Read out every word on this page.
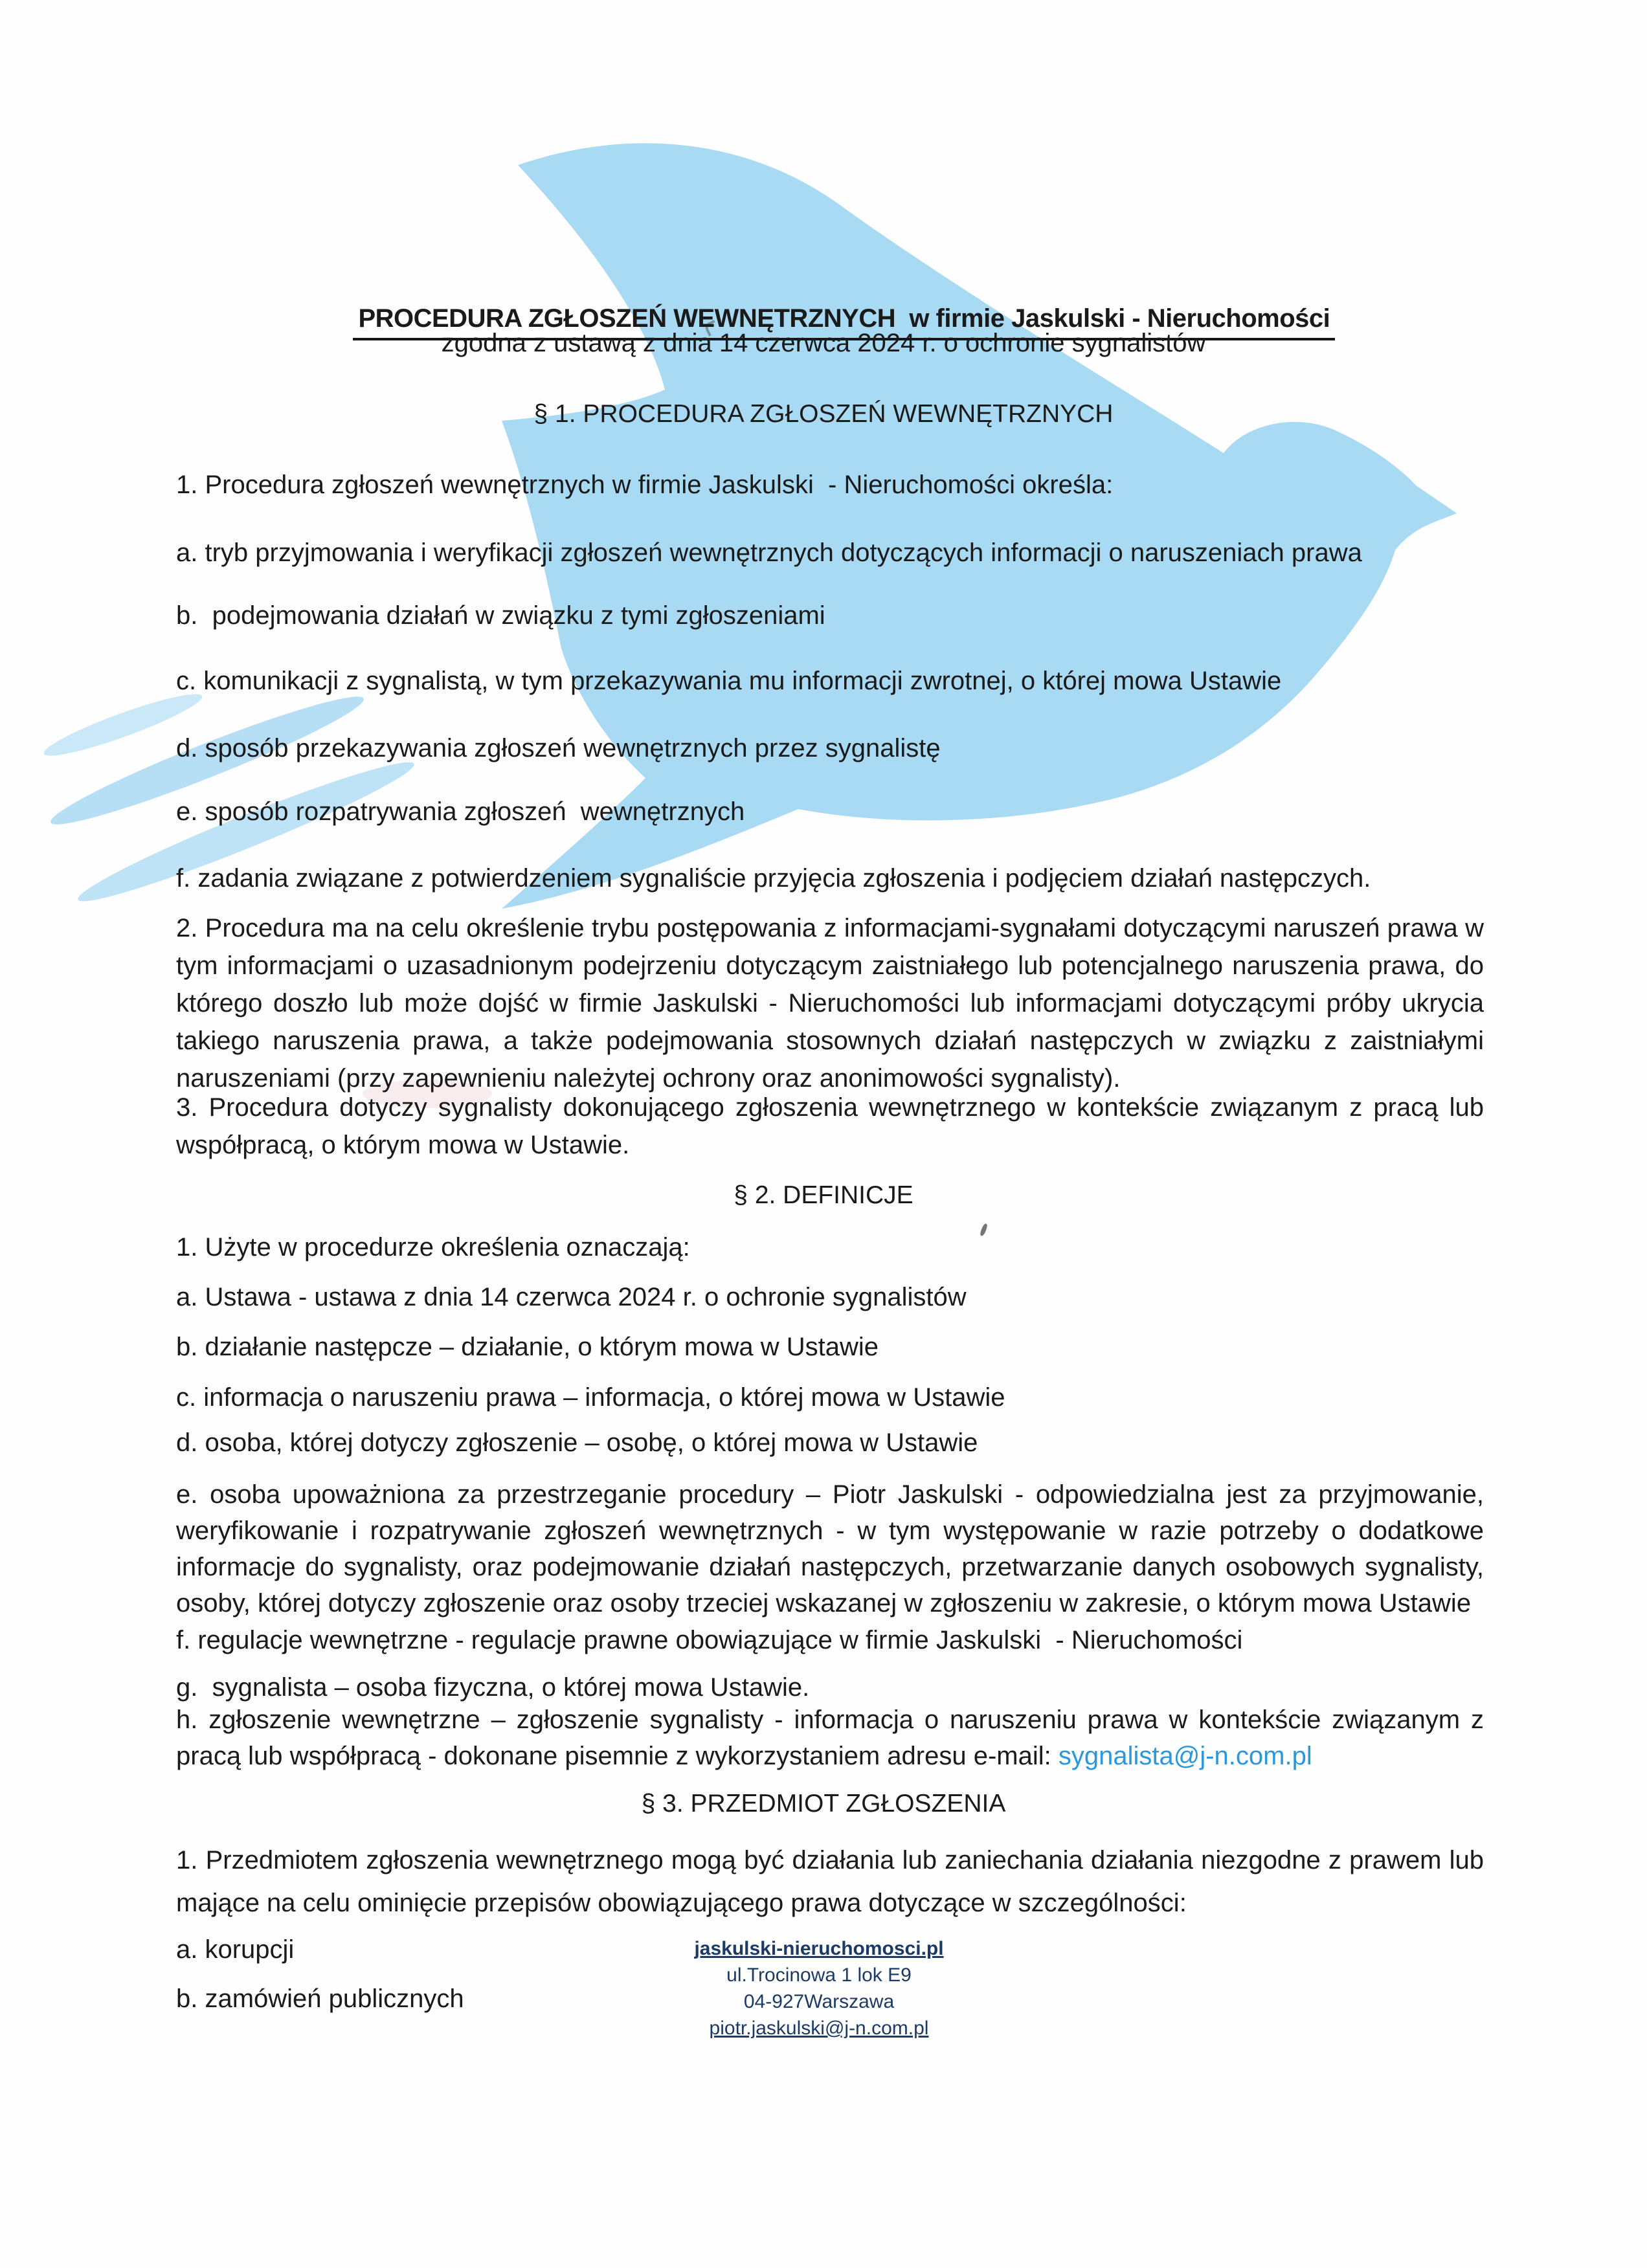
PROCEDURA ZGŁOSZEŃ WEWNĘTRZNYCH  w firmie Jaskulski - Nieruchomości

zgodna z ustawą z dnia 14 czerwca 2024 r. o ochronie sygnalistów
§ 1. PROCEDURA ZGŁOSZEŃ WEWNĘTRZNYCH
1. Procedura zgłoszeń wewnętrznych w firmie Jaskulski  - Nieruchomości określa:
a. tryb przyjmowania i weryfikacji zgłoszeń wewnętrznych dotyczących informacji o naruszeniach prawa
b.  podejmowania działań w związku z tymi zgłoszeniami
c. komunikacji z sygnalistą, w tym przekazywania mu informacji zwrotnej, o której mowa Ustawie
d. sposób przekazywania zgłoszeń wewnętrznych przez sygnalistę
e. sposób rozpatrywania zgłoszeń  wewnętrznych
f. zadania związane z potwierdzeniem sygnaliście przyjęcia zgłoszenia i podjęciem działań następczych.
2. Procedura ma na celu określenie trybu postępowania z informacjami-sygnałami dotyczącymi naruszeń prawa w tym informacjami o uzasadnionym podejrzeniu dotyczącym zaistniałego lub potencjalnego naruszenia prawa, do którego doszło lub może dojść w firmie Jaskulski - Nieruchomości lub informacjami dotyczącymi próby ukrycia takiego naruszenia prawa, a także podejmowania stosownych działań następczych w związku z zaistniałymi naruszeniami (przy zapewnieniu należytej ochrony oraz anonimowości sygnalisty).
3. Procedura dotyczy sygnalisty dokonującego zgłoszenia wewnętrznego w kontekście związanym z pracą lub współpracą, o którym mowa w Ustawie.
§ 2. DEFINICJE
1. Użyte w procedurze określenia oznaczają:
a. Ustawa - ustawa z dnia 14 czerwca 2024 r. o ochronie sygnalistów
b. działanie następcze – działanie, o którym mowa w Ustawie
c. informacja o naruszeniu prawa – informacja, o której mowa w Ustawie
d. osoba, której dotyczy zgłoszenie – osobę, o której mowa w Ustawie
e. osoba upoważniona za przestrzeganie procedury – Piotr Jaskulski - odpowiedzialna jest za przyjmowanie, weryfikowanie i rozpatrywanie zgłoszeń wewnętrznych - w tym występowanie w razie potrzeby o dodatkowe informacje do sygnalisty, oraz podejmowanie działań następczych, przetwarzanie danych osobowych sygnalisty, osoby, której dotyczy zgłoszenie oraz osoby trzeciej wskazanej w zgłoszeniu w zakresie, o którym mowa Ustawie
f. regulacje wewnętrzne - regulacje prawne obowiązujące w firmie Jaskulski  - Nieruchomości
g.  sygnalista – osoba fizyczna, o której mowa Ustawie.
h. zgłoszenie wewnętrzne – zgłoszenie sygnalisty - informacja o naruszeniu prawa w kontekście związanym z pracą lub współpracą - dokonane pisemnie z wykorzystaniem adresu e-mail: sygnalista@j-n.com.pl
§ 3. PRZEDMIOT ZGŁOSZENIA
1. Przedmiotem zgłoszenia wewnętrznego mogą być działania lub zaniechania działania niezgodne z prawem lub mające na celu ominięcie przepisów obowiązującego prawa dotyczące w szczególności:
a. korupcji
b. zamówień publicznych
jaskulski-nieruchomosci.pl
ul.Trocinowa 1 lok E9
04-927Warszawa
piotr.jaskulski@j-n.com.pl
